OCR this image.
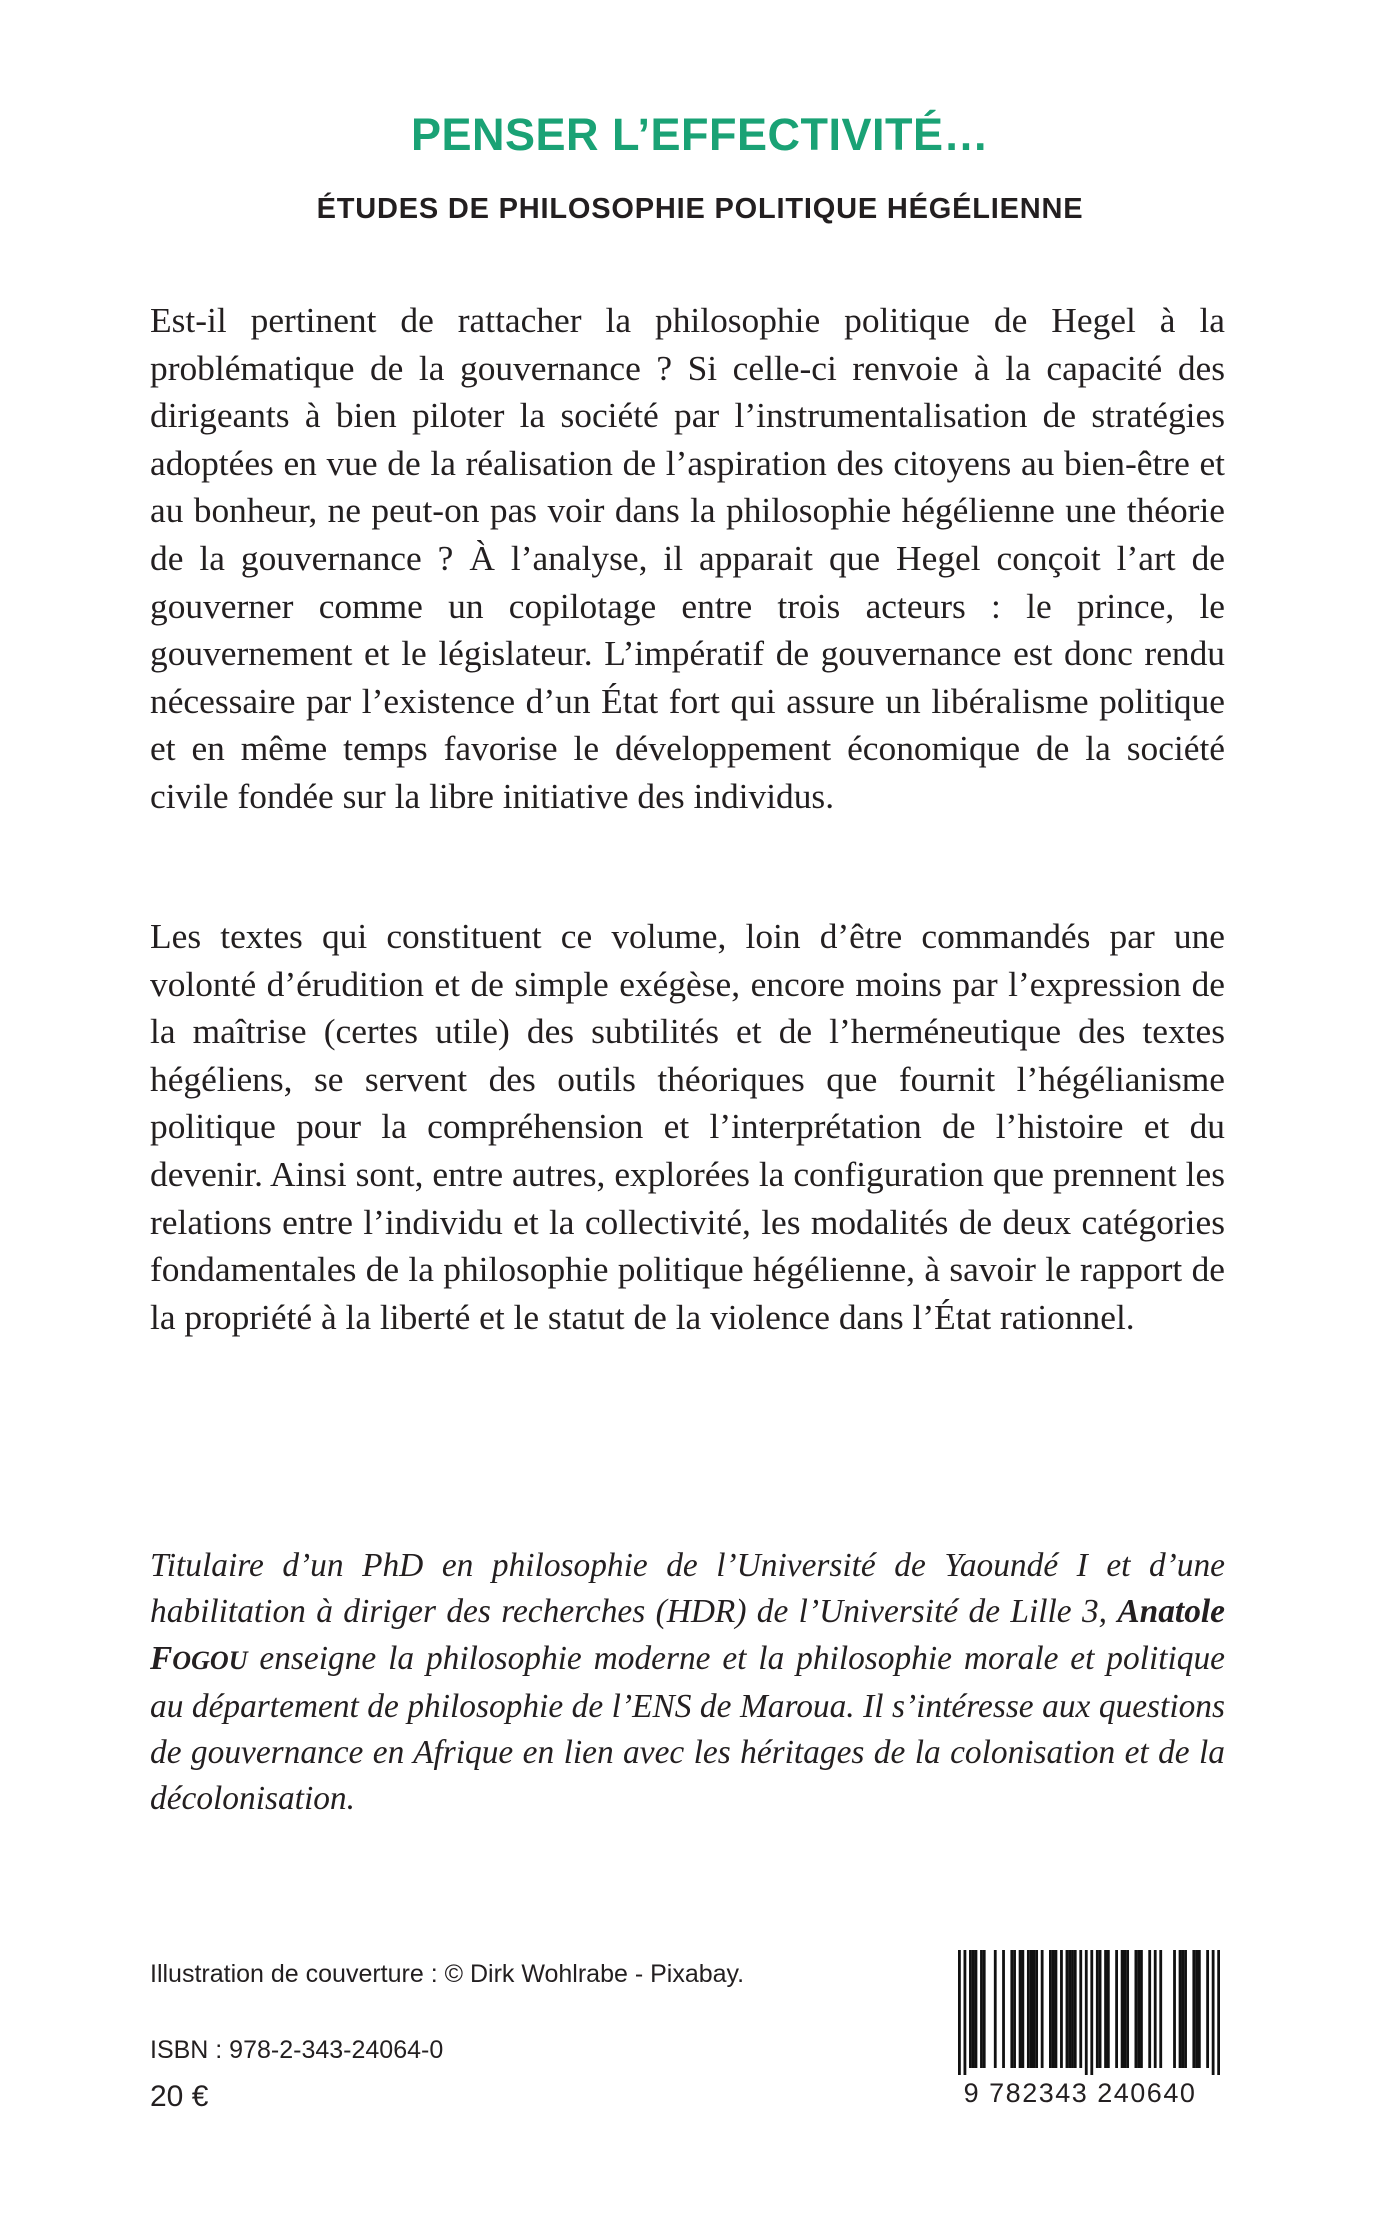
PENSER L’EFFECTIVITÉ…
ÉTUDES DE PHILOSOPHIE POLITIQUE HÉGÉLIENNE

Est-il pertinent de rattacher la philosophie politique de Hegel à la problématique de la gouvernance ? Si celle-ci renvoie à la capacité des dirigeants à bien piloter la société par l’instrumentalisation de stratégies adoptées en vue de la réalisation de l’aspiration des citoyens au bien-être et au bonheur, ne peut-on pas voir dans la philosophie hégélienne une théorie de la gouvernance ? À l’analyse, il apparait que Hegel conçoit l’art de gouverner comme un copilotage entre trois acteurs : le prince, le gouvernement et le législateur. L’impératif de gouvernance est donc rendu nécessaire par l’existence d’un État fort qui assure un libéralisme politique et en même temps favorise le développement économique de la société civile fondée sur la libre initiative des individus.

Les textes qui constituent ce volume, loin d’être commandés par une volonté d’érudition et de simple exégèse, encore moins par l’expression de la maîtrise (certes utile) des subtilités et de l’herméneutique des textes hégéliens, se servent des outils théoriques que fournit l’hégélianisme politique pour la compréhension et l’interprétation de l’histoire et du devenir. Ainsi sont, entre autres, explorées la configuration que prennent les relations entre l’individu et la collectivité, les modalités de deux catégories fondamentales de la philosophie politique hégélienne, à savoir le rapport de la propriété à la liberté et le statut de la violence dans l’État rationnel.

Titulaire d’un PhD en philosophie de l’Université de Yaoundé I et d’une habilitation à diriger des recherches (HDR) de l’Université de Lille 3, Anatole FOGOU enseigne la philosophie moderne et la philosophie morale et politique au département de philosophie de l’ENS de Maroua. Il s’intéresse aux questions de gouvernance en Afrique en lien avec les héritages de la colonisation et de la décolonisation.

Illustration de couverture : © Dirk Wohlrabe - Pixabay.

ISBN : 978-2-343-24064-0

20 €	9 782343 240640
